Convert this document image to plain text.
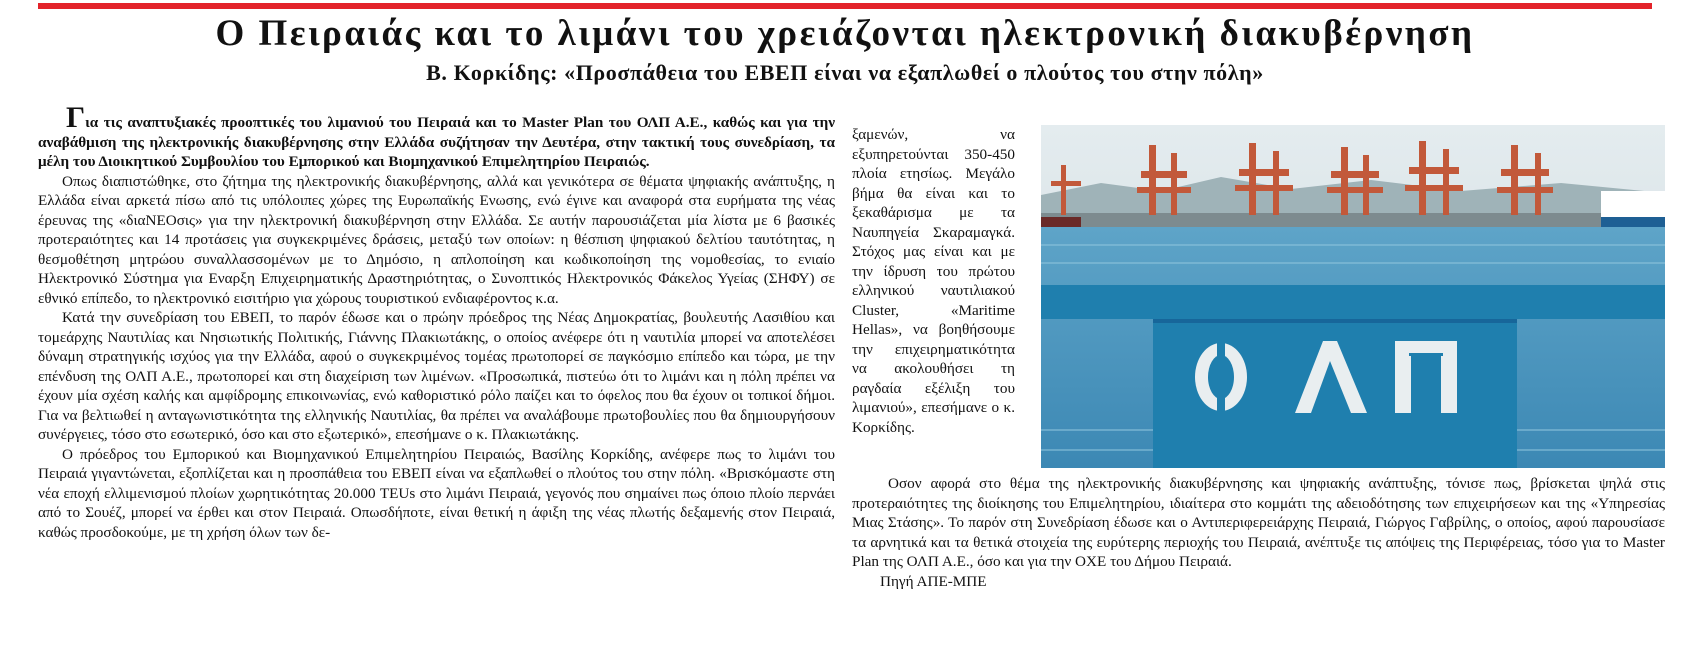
Ο Πειραιάς και το λιμάνι του χρειάζονται ηλεκτρονική διακυβέρνηση
Β. Κορκίδης: «Προσπάθεια του ΕΒΕΠ είναι να εξαπλωθεί ο πλούτος του στην πόλη»

Για τις αναπτυξιακές προοπτικές του λιμανιού του Πειραιά και το Master Plan του ΟΛΠ Α.Ε., καθώς και για την αναβάθμιση της ηλεκτρονικής διακυβέρνησης στην Ελλάδα συζήτησαν την Δευτέρα, στην τακτική τους συνεδρίαση, τα μέλη του Διοικητικού Συμβουλίου του Εμπορικού και Βιομηχανικού Επιμελητηρίου Πειραιώς.

Οπως διαπιστώθηκε, στο ζήτημα της ηλεκτρονικής διακυβέρνησης, αλλά και γενικότερα σε θέματα ψηφιακής ανάπτυξης, η Ελλάδα είναι αρκετά πίσω από τις υπόλοιπες χώρες της Ευρωπαϊκής Ενωσης, ενώ έγινε και αναφορά στα ευρήματα της νέας έρευνας της «διαΝΕΟσις» για την ηλεκτρονική διακυβέρνηση στην Ελλάδα. Σε αυτήν παρουσιάζεται μία λίστα με 6 βασικές προτεραιότητες και 14 προτάσεις για συγκεκριμένες δράσεις, μεταξύ των οποίων: η θέσπιση ψηφιακού δελτίου ταυτότητας, η θεσμοθέτηση μητρώου συναλλασσομένων με το Δημόσιο, η απλοποίηση και κωδικοποίηση της νομοθεσίας, το ενιαίο Ηλεκτρονικό Σύστημα για Εναρξη Επιχειρηματικής Δραστηριότητας, ο Συνοπτικός Ηλεκτρονικός Φάκελος Υγείας (ΣΗΦΥ) σε εθνικό επίπεδο, το ηλεκτρονικό εισιτήριο για χώρους τουριστικού ενδιαφέροντος κ.α.

Κατά την συνεδρίαση του ΕΒΕΠ, το παρόν έδωσε και ο πρώην πρόεδρος της Νέας Δημοκρατίας, βουλευτής Λασιθίου και τομεάρχης Ναυτιλίας και Νησιωτικής Πολιτικής, Γιάννης Πλακιωτάκης, ο οποίος ανέφερε ότι η ναυτιλία μπορεί να αποτελέσει δύναμη στρατηγικής ισχύος για την Ελλάδα, αφού ο συγκεκριμένος τομέας πρωτοπορεί σε παγκόσμιο επίπεδο και τώρα, με την επένδυση της ΟΛΠ Α.Ε., πρωτοπορεί και στη διαχείριση των λιμένων. «Προσωπικά, πιστεύω ότι το λιμάνι και η πόλη πρέπει να έχουν μία σχέση καλής και αμφίδρομης επικοινωνίας, ενώ καθοριστικό ρόλο παίζει και το όφελος που θα έχουν οι τοπικοί δήμοι. Για να βελτιωθεί η ανταγωνιστικότητα της ελληνικής Ναυτιλίας, θα πρέπει να αναλάβουμε πρωτοβουλίες που θα δημιουργήσουν συνέργειες, τόσο στο εσωτερικό, όσο και στο εξωτερικό», επεσήμανε ο κ. Πλακιωτάκης.

Ο πρόεδρος του Εμπορικού και Βιομηχανικού Επιμελητηρίου Πειραιώς, Βασίλης Κορκίδης, ανέφερε πως το λιμάνι του Πειραιά γιγαντώνεται, εξοπλίζεται και η προσπάθεια του ΕΒΕΠ είναι να εξαπλωθεί ο πλούτος του στην πόλη. «Βρισκόμαστε στη νέα εποχή ελλιμενισμού πλοίων χωρητικότητας 20.000 TEUs στο λιμάνι Πειραιά, γεγονός που σημαίνει πως όποιο πλοίο περνάει από το Σουέζ, μπορεί να έρθει και στον Πειραιά. Οπωσδήποτε, είναι θετική η άφιξη της νέας πλωτής δεξαμενής στον Πειραιά, καθώς προσδοκούμε, με τη χρήση όλων των δε-

ξαμενών, να εξυπηρετούνται 350-450 πλοία ετησίως. Μεγάλο βήμα θα είναι και το ξεκαθάρισμα με τα Ναυπηγεία Σκαραμαγκά. Στόχος μας είναι και με την ίδρυση του πρώτου ελληνικού ναυτιλιακού Cluster, «Maritime Hellas», να βοηθήσουμε την επιχειρηματικότητα να ακολουθήσει τη ραγδαία εξέλιξη του λιμανιού», επεσήμανε ο κ. Κορκίδης.

Οσον αφορά στο θέμα της ηλεκτρονικής διακυβέρνησης και ψηφιακής ανάπτυξης, τόνισε πως, βρίσκεται ψηλά στις προτεραιότητες της διοίκησης του Επιμελητηρίου, ιδιαίτερα στο κομμάτι της αδειοδότησης των επιχειρήσεων και της «Υπηρεσίας Μιας Στάσης». Το παρόν στη Συνεδρίαση έδωσε και ο Αντιπεριφερειάρχης Πειραιά, Γιώργος Γαβρίλης, ο οποίος, αφού παρουσίασε τα αρνητικά και τα θετικά στοιχεία της ευρύτερης περιοχής του Πειραιά, ανέπτυξε τις απόψεις της Περιφέρειας, τόσο για το Master Plan της ΟΛΠ Α.Ε., όσο και για την ΟΧΕ του Δήμου Πειραιά.

Πηγή ΑΠΕ-ΜΠΕ
